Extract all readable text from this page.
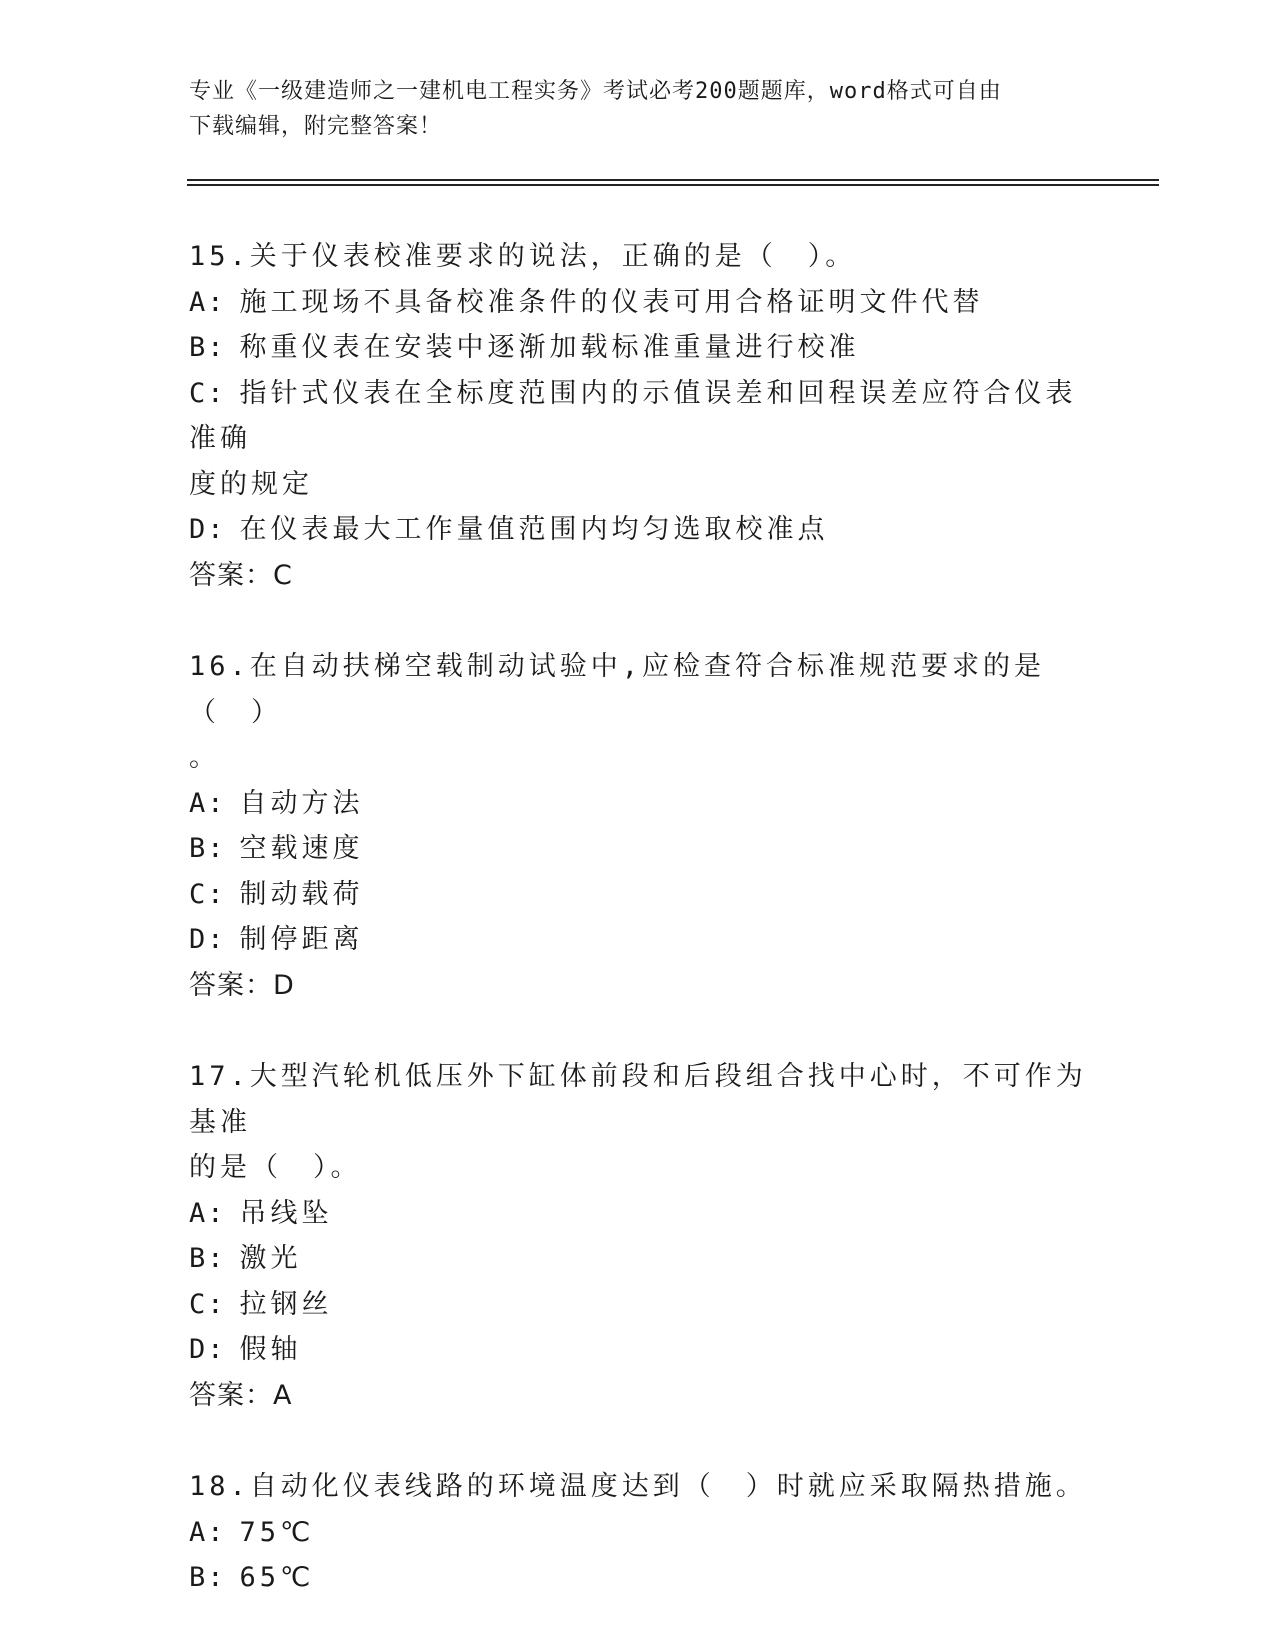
专业《一级建造师之一建机电工程实务》考试必考200题题库，word格式可自由
下载编辑，附完整答案！
15.关于仪表校准要求的说法，正确的是（　）。
A: 施工现场不具备校准条件的仪表可用合格证明文件代替
B: 称重仪表在安装中逐渐加载标准重量进行校准
C: 指针式仪表在全标度范围内的示值误差和回程误差应符合仪表准确
度的规定
D: 在仪表最大工作量值范围内均匀选取校准点
答案：C
16.在自动扶梯空载制动试验中,应检查符合标准规范要求的是（　）
。
A: 自动方法
B: 空载速度
C: 制动载荷
D: 制停距离
答案：D
17.大型汽轮机低压外下缸体前段和后段组合找中心时，不可作为基准
的是（　）。
A: 吊线坠
B: 激光
C: 拉钢丝
D: 假轴
答案：A
18.自动化仪表线路的环境温度达到（　）时就应采取隔热措施。
A: 75℃
B: 65℃
